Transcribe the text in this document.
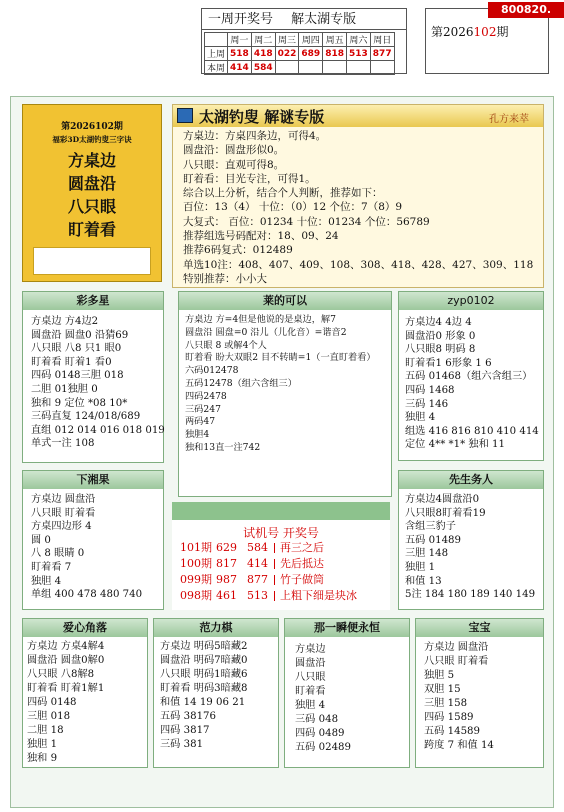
一周开奖号 解太湖专版
	周一	周二	周三	周四	周五	周六	周日
上周	518	418	022	689	818	513	877
本周	414	584					
第2026102期
800820. NET
第2026102期
福彩3D太湖钓叟三字诀
方桌边
圆盘沿
八只眼
盯着看
太湖钓叟 解谜专版	孔方来萃
方桌边：方桌四条边，可得4。
圆盘沿：圆盘形似0。
八只眼：直观可得8。
盯着看：目光专注，可得1。
综合以上分析，结合个人判断，推荐如下：
百位：13（4） 十位：（0）12 个位：7（8）9
大复式： 百位：01234 十位：01234 个位：56789
推荐组选号码配对：18、09、24
推荐6码复式：012489
单选10注：408、407、409、108、308、418、428、427、309、118
特别推荐：小小大
彩多星
方桌边 方4边2
圆盘沿 圆盘0 沿猜69
八只眼 八8 只1 眼0
盯着看 盯着1 看0
四码 0148三胆 018
二胆 01独胆 0
独和 9 定位 *08 10*
三码直复 124/018/689
直组 012 014 016 018 019
单式一注 108
莱的可以
方桌边 方=4但是他说的是桌边，解7
圆盘沿 圆盘=0 沿儿（儿化音）=谐音2
八只眼 8 或解4个人
盯着看 盼大双眼2 目不转睛=1（一直盯着看）
六码012478
五码12478（组六含组三）
四码2478
三码247
两码47
独胆4
独和13直一注742
zyp0102
方桌边4 4边 4
圆盘沿0 形象 0
八只眼8 明码 8
盯着看1 6形象 1 6
五码 01468（组六含组三）
四码 1468
三码 146
独胆 4
组选 416 816 810 410 414
定位 4** *1* 独和 11
下湘果
方桌边 圆盘沿
八只眼 盯着看
方桌四边形 4
圆 0
八 8 眼睛 0
盯着看 7
独胆 4
单组 400 478 480 740
先生务人
方桌边4圆盘沿0
八只眼8盯着看19
含组三豹子
五码 01489
三胆 148
独胆 1
和值 13
5注 184 180 189 140 149
试机号 开奖号
101期 629 584 再三之后
100期 817 414 先后抵达
099期 987 877 竹子做筒
098期 461 513 上粗下细是块冰
爱心角落
方桌边 方桌4解4
圆盘沿 圆盘0解0
八只眼 八8解8
盯着看 盯着1解1
四码 0148
三胆 018
二胆 18
独胆 1
独和 9
范力棋
方桌边 明码5暗藏2
圆盘沿 明码7暗藏0
八只眼 明码1暗藏6
盯着看 明码3暗藏8
和值 14 19 06 21
五码 38176
四码 3817
三码 381
那一瞬便永恒
方桌边
圆盘沿
八只眼
盯着看
独胆 4
三码 048
四码 0489
五码 02489
宝宝
方桌边 圆盘沿
八只眼 盯着看
独胆 5
双胆 15
三胆 158
四码 1589
五码 14589
跨度 7 和值 14
